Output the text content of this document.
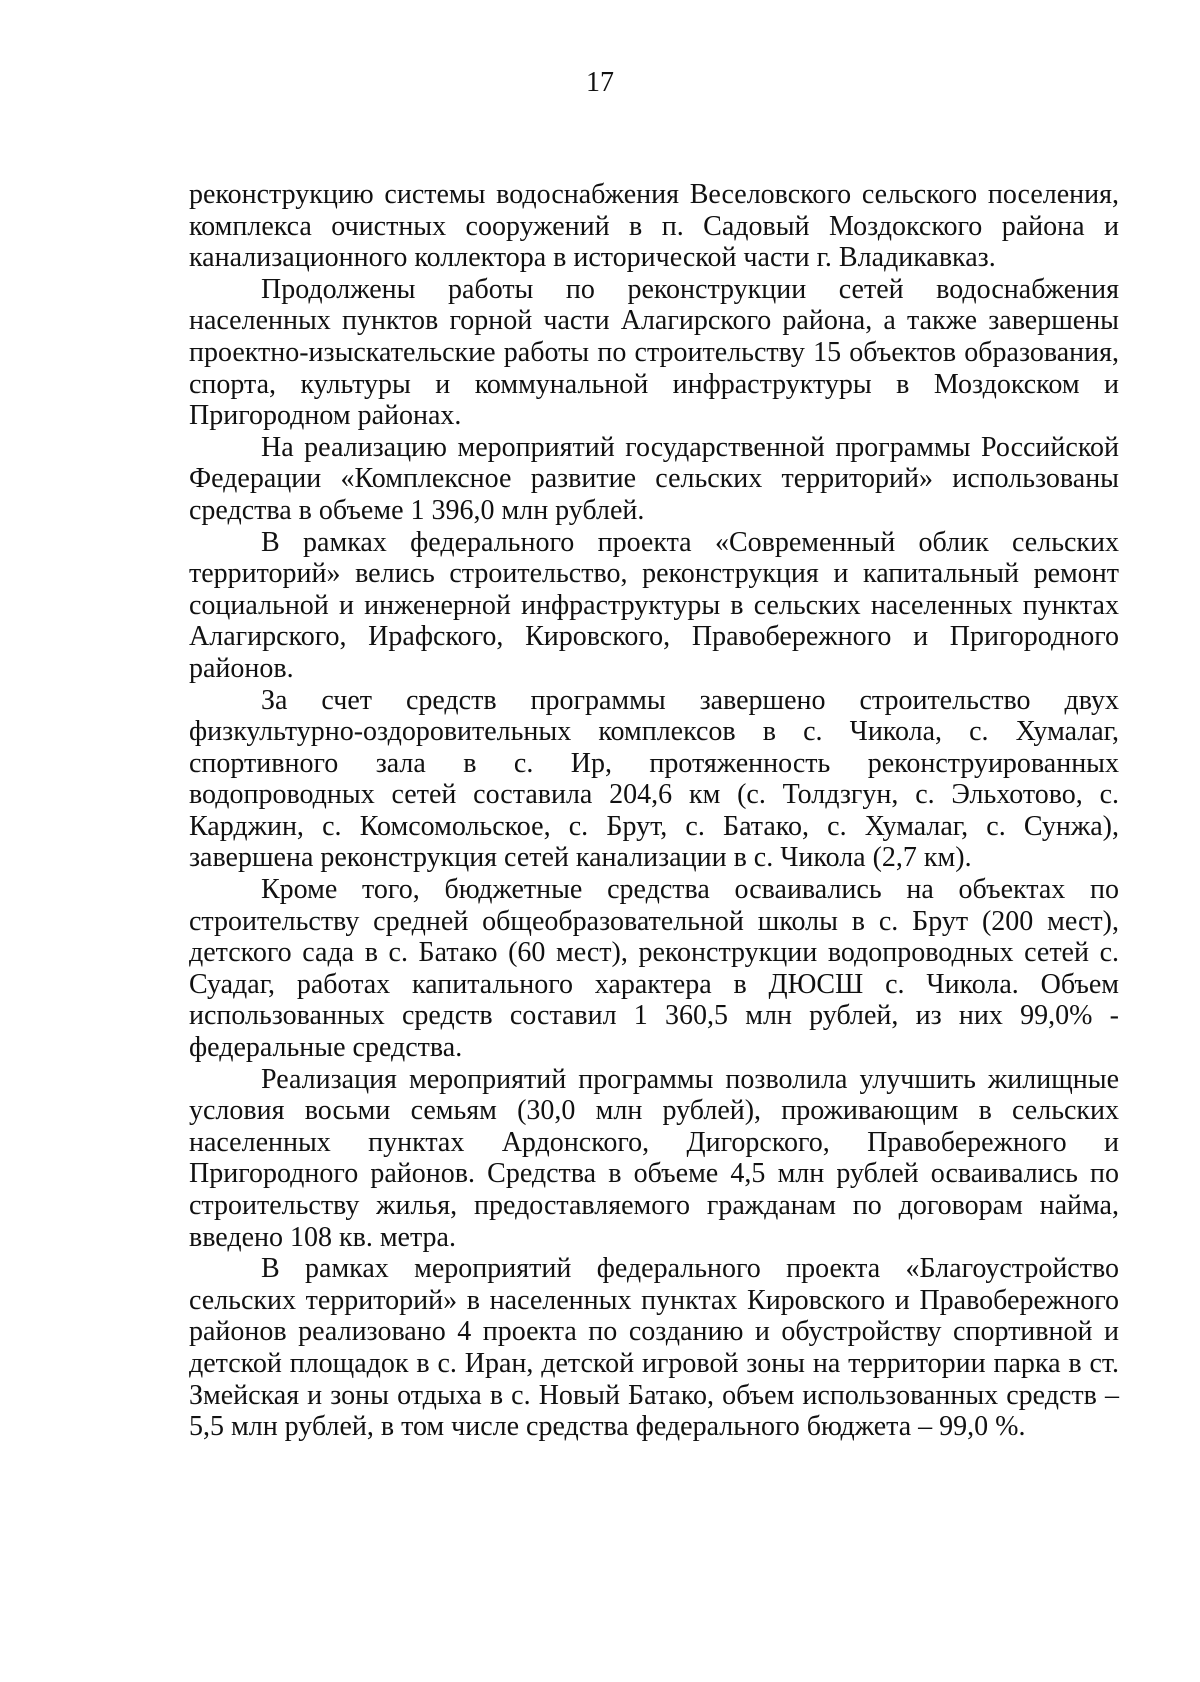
17

реконструкцию системы водоснабжения Веселовского сельского поселения, комплекса очистных сооружений в п. Садовый Моздокского района и канализационного коллектора в исторической части г. Владикавказ.

Продолжены работы по реконструкции сетей водоснабжения населенных пунктов горной части Алагирского района, а также завершены проектно-изыскательские работы по строительству 15 объектов образования, спорта, культуры и коммунальной инфраструктуры в Моздокском и Пригородном районах.

На реализацию мероприятий государственной программы Российской Федерации «Комплексное развитие сельских территорий» использованы средства в объеме 1 396,0 млн рублей.

В рамках федерального проекта «Современный облик сельских территорий» велись строительство, реконструкция и капитальный ремонт социальной и инженерной инфраструктуры в сельских населенных пунктах Алагирского, Ирафского, Кировского, Правобережного и Пригородного районов.

За счет средств программы завершено строительство двух физкультурно-оздоровительных комплексов в с. Чикола, с. Хумалаг, спортивного зала в с. Ир, протяженность реконструированных водопроводных сетей составила 204,6 км (с. Толдзгун, с. Эльхотово, с. Карджин, с. Комсомольское, с. Брут, с. Батако, с. Хумалаг, с. Сунжа), завершена реконструкция сетей канализации в с. Чикола (2,7 км).

Кроме того, бюджетные средства осваивались на объектах по строительству средней общеобразовательной школы в с. Брут (200 мест), детского сада в с. Батако (60 мест), реконструкции водопроводных сетей с. Суадаг, работах капитального характера в ДЮСШ с. Чикола. Объем использованных средств составил 1 360,5 млн рублей, из них 99,0% - федеральные средства.

Реализация мероприятий программы позволила улучшить жилищные условия восьми семьям (30,0 млн рублей), проживающим в сельских населенных пунктах Ардонского, Дигорского, Правобережного и Пригородного районов. Средства в объеме 4,5 млн рублей осваивались по строительству жилья, предоставляемого гражданам по договорам найма, введено 108 кв. метра.

В рамках мероприятий федерального проекта «Благоустройство сельских территорий» в населенных пунктах Кировского и Правобережного районов реализовано 4 проекта по созданию и обустройству спортивной и детской площадок в с. Иран, детской игровой зоны на территории парка в ст. Змейская и зоны отдыха в с. Новый Батако, объем использованных средств – 5,5 млн рублей, в том числе средства федерального бюджета – 99,0 %.
